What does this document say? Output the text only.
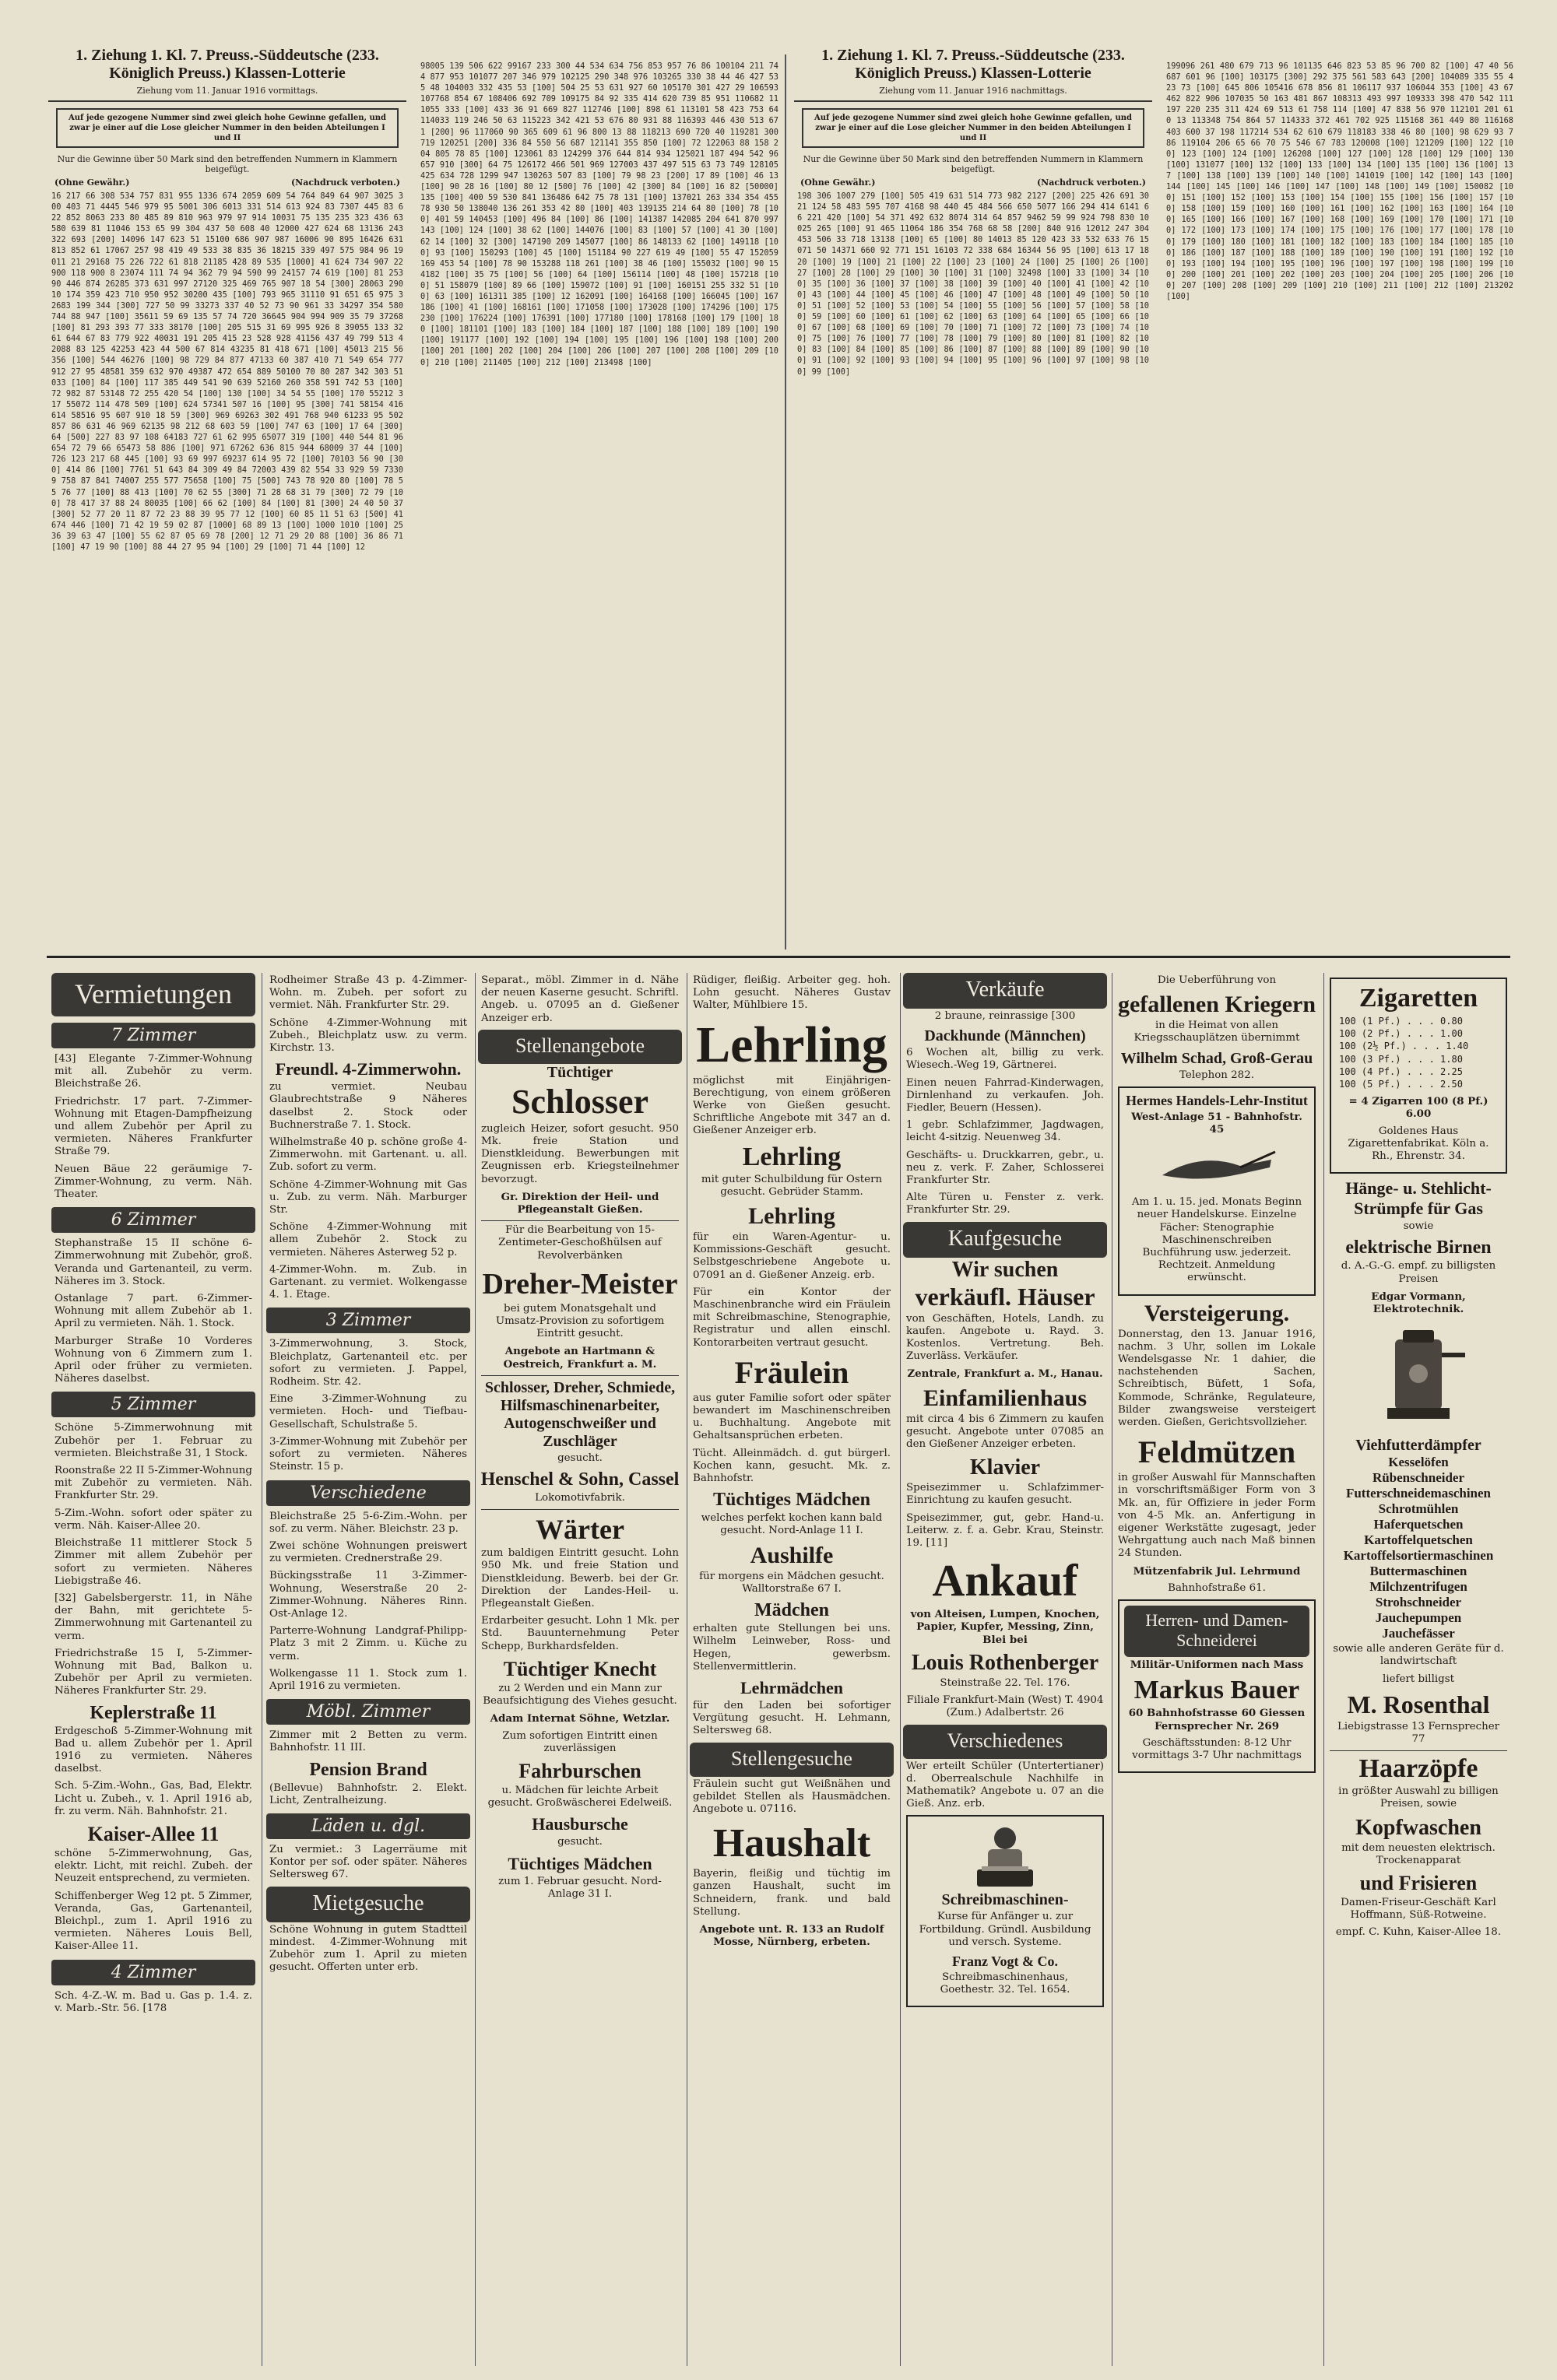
1. Ziehung 1. Kl. 7. Preuss.-Süddeutsche (233. Königlich Preuss.) Klassen-Lotterie
Ziehung vom 11. Januar 1916 vormittags.
Auf jede gezogene Nummer sind zwei gleich hohe Gewinne gefallen, und zwar je einer auf die Lose gleicher Nummer in den beiden Abteilungen I und II
Nur die Gewinne über 50 Mark sind den betreffenden Nummern in Klammern beigefügt.
(Ohne Gewähr.)	(Nachdruck verboten.)
16 217 66 308 534 757 831 955 1336 674 2059 609 54 764 849 64 907 3025 300 403 71 4445 546 979 95 5001 306 6013 331 514 613 924 83 7307 445 83 622 852 8063 233 80 485 89 810 963 979 97 914 10031 75 135 235 323 436 63 580 639 81 11046 153 65 99 304 437 50 608 40 12000 427 624 68 13136 243 322 693 [200] 14096 147 623 51 15100 686 907 987 16006 90 895 16426 631 813 852 61 17067 257 98 419 49 533 38 835 36 18215 339 497 575 984 96 19011 21 29168 75 226 722 61 818 21185 428 89 535 [1000] 41 624 734 907 22900 118 900 8 23074 111 74 94 362 79 94 590 99 24157 74 619 [100] 81 25390 446 874 26285 373 631 997 27120 325 469 765 907 18 54 [300] 28063 29010 174 359 423 710 950 952 30200 435 [100] 793 965 31110 91 651 65 975 32683 199 344 [300] 727 50 99 33273 337 40 52 73 90 961 33 34297 354 580 744 88 947 [100] 35611 59 69 135 57 74 720 36645 904 994 909 35 79 37268 [100] 81 293 393 77 333 38170 [100] 205 515 31 69 995 926 8 39055 133 32 61 644 67 83 779 922 40031 191 205 415 23 528 928 41156 437 49 799 513 42088 83 125 42253 423 44 500 67 814 43235 81 418 671 [100] 45013 215 56 356 [100] 544 46276 [100] 98 729 84 877 47133 60 387 410 71 549 654 777 912 27 95 48581 359 632 970 49387 472 654 889 50100 70 80 287 342 303 51033 [100] 84 [100] 117 385 449 541 90 639 52160 260 358 591 742 53 [100] 72 982 87 53148 72 255 420 54 [100] 130 [100] 34 54 55 [100] 170 55212 317 55072 114 478 509 [100] 624 57341 507 16 [100] 95 [300] 741 58154 416 614 58516 95 607 910 18 59 [300] 969 69263 302 491 768 940 61233 95 502 857 86 631 46 969 62135 98 212 68 603 59 [100] 747 63 [100] 17 64 [300] 64 [500] 227 83 97 108 64183 727 61 62 995 65077 319 [100] 440 544 81 96 654 72 79 66 65473 58 886 [100] 971 67262 636 815 944 68009 37 44 [100] 726 123 217 68 445 [100] 93 69 997 69237 614 95 72 [100] 70103 56 90 [300] 414 86 [100] 7761 51 643 84 309 49 84 72003 439 82 554 33 929 59 73309 758 87 841 74007 255 577 75658 [100] 75 [500] 743 78 920 80 [100] 78 55 76 77 [100] 88 413 [100] 70 62 55 [300] 71 28 68 31 79 [300] 72 79 [100] 78 417 37 88 24 80035 [100] 66 62 [100] 84 [100] 81 [300] 24 40 50 37 [300] 52 77 20 11 87 72 23 88 39 95 77 12 [100] 60 85 11 51 63 [500] 41 674 446 [100] 71 42 19 59 02 87 [1000] 68 89 13 [100] 1000 1010 [100] 25 36 39 63 47 [100] 55 62 87 05 69 78 [200] 12 71 29 20 88 [100] 36 86 71 [100] 47 19 90 [100] 88 44 27 95 94 [100] 29 [100] 71 44 [100] 12
98005 139 506 622 99167 233 300 44 534 634 756 853 957 76 86 100104 211 744 877 953 101077 207 346 979 102125 290 348 976 103265 330 38 44 46 427 535 48 104003 332 435 53 [100] 504 25 53 631 927 60 105170 301 427 29 106593 107768 854 67 108406 692 709 109175 84 92 335 414 620 739 85 951 110682 111055 333 [100] 433 36 91 669 827 112746 [100] 898 61 113101 58 423 753 64 114033 119 246 50 63 115223 342 421 53 676 80 931 88 116393 446 430 513 671 [200] 96 117060 90 365 609 61 96 800 13 88 118213 690 720 40 119281 300 719 120251 [200] 336 84 550 56 687 121141 355 850 [100] 72 122063 88 158 204 805 78 85 [100] 123061 83 124299 376 644 814 934 125021 187 494 542 96 657 910 [300] 64 75 126172 466 501 969 127003 437 497 515 63 73 749 128105 425 634 728 1299 947 130263 507 83 [100] 79 98 23 [200] 17 89 [100] 46 13 [100] 90 28 16 [100] 80 12 [500] 76 [100] 42 [300] 84 [100] 16 82 [50000] 135 [100] 400 59 530 841 136486 642 75 78 131 [100] 137021 263 334 354 455 78 930 50 138040 136 261 353 42 80 [100] 403 139135 214 64 80 [100] 78 [100] 401 59 140453 [100] 496 84 [100] 86 [100] 141387 142085 204 641 870 997 143 [100] 124 [100] 38 62 [100] 144076 [100] 83 [100] 57 [100] 41 30 [100] 62 14 [100] 32 [300] 147190 209 145077 [100] 86 148133 62 [100] 149118 [100] 93 [100] 150293 [100] 45 [100] 151184 90 227 619 49 [100] 55 47 152059 169 453 54 [100] 78 90 153288 118 261 [100] 38 46 [100] 155032 [100] 90 154182 [100] 35 75 [100] 56 [100] 64 [100] 156114 [100] 48 [100] 157218 [100] 51 158079 [100] 89 66 [100] 159072 [100] 91 [100] 160151 255 332 51 [100] 63 [100] 161311 385 [100] 12 162091 [100] 164168 [100] 166045 [100] 167186 [100] 41 [100] 168161 [100] 171058 [100] 173028 [100] 174296 [100] 175230 [100] 176224 [100] 176391 [100] 177180 [100] 178168 [100] 179 [100] 180 [100] 181101 [100] 183 [100] 184 [100] 187 [100] 188 [100] 189 [100] 190 [100] 191177 [100] 192 [100] 194 [100] 195 [100] 196 [100] 198 [100] 200 [100] 201 [100] 202 [100] 204 [100] 206 [100] 207 [100] 208 [100] 209 [100] 210 [100] 211405 [100] 212 [100] 213498 [100]
1. Ziehung 1. Kl. 7. Preuss.-Süddeutsche (233. Königlich Preuss.) Klassen-Lotterie
Ziehung vom 11. Januar 1916 nachmittags.
Auf jede gezogene Nummer sind zwei gleich hohe Gewinne gefallen, und zwar je einer auf die Lose gleicher Nummer in den beiden Abteilungen I und II
Nur die Gewinne über 50 Mark sind den betreffenden Nummern in Klammern beigefügt.
(Ohne Gewähr.)	(Nachdruck verboten.)
198 306 1007 279 [100] 505 419 631 514 773 982 2127 [200] 225 426 691 3021 124 58 483 595 707 4168 98 440 45 484 566 650 5077 166 294 414 6141 66 221 420 [100] 54 371 492 632 8074 314 64 857 9462 59 99 924 798 830 10025 265 [100] 91 465 11064 186 354 768 68 58 [200] 840 916 12012 247 304 453 506 33 718 13138 [100] 65 [100] 80 14013 85 120 423 33 532 633 76 15071 50 14371 660 92 771 151 16103 72 338 684 16344 56 95 [100] 613 17 18 20 [100] 19 [100] 21 [100] 22 [100] 23 [100] 24 [100] 25 [100] 26 [100] 27 [100] 28 [100] 29 [100] 30 [100] 31 [100] 32498 [100] 33 [100] 34 [100] 35 [100] 36 [100] 37 [100] 38 [100] 39 [100] 40 [100] 41 [100] 42 [100] 43 [100] 44 [100] 45 [100] 46 [100] 47 [100] 48 [100] 49 [100] 50 [100] 51 [100] 52 [100] 53 [100] 54 [100] 55 [100] 56 [100] 57 [100] 58 [100] 59 [100] 60 [100] 61 [100] 62 [100] 63 [100] 64 [100] 65 [100] 66 [100] 67 [100] 68 [100] 69 [100] 70 [100] 71 [100] 72 [100] 73 [100] 74 [100] 75 [100] 76 [100] 77 [100] 78 [100] 79 [100] 80 [100] 81 [100] 82 [100] 83 [100] 84 [100] 85 [100] 86 [100] 87 [100] 88 [100] 89 [100] 90 [100] 91 [100] 92 [100] 93 [100] 94 [100] 95 [100] 96 [100] 97 [100] 98 [100] 99 [100]
199096 261 480 679 713 96 101135 646 823 53 85 96 700 82 [100] 47 40 56 687 601 96 [100] 103175 [300] 292 375 561 583 643 [200] 104089 335 55 423 73 [100] 645 806 105416 678 856 81 106117 937 106044 353 [100] 43 67 462 822 906 107035 50 163 481 867 108313 493 997 109333 398 470 542 111197 220 235 311 424 69 513 61 758 114 [100] 47 838 56 970 112101 201 610 13 113348 754 864 57 114333 372 461 702 925 115168 361 449 80 116168 403 600 37 198 117214 534 62 610 679 118183 338 46 80 [100] 98 629 93 786 119104 206 65 66 70 75 546 67 783 120008 [100] 121209 [100] 122 [100] 123 [100] 124 [100] 126208 [100] 127 [100] 128 [100] 129 [100] 130 [100] 131077 [100] 132 [100] 133 [100] 134 [100] 135 [100] 136 [100] 137 [100] 138 [100] 139 [100] 140 [100] 141019 [100] 142 [100] 143 [100] 144 [100] 145 [100] 146 [100] 147 [100] 148 [100] 149 [100] 150082 [100] 151 [100] 152 [100] 153 [100] 154 [100] 155 [100] 156 [100] 157 [100] 158 [100] 159 [100] 160 [100] 161 [100] 162 [100] 163 [100] 164 [100] 165 [100] 166 [100] 167 [100] 168 [100] 169 [100] 170 [100] 171 [100] 172 [100] 173 [100] 174 [100] 175 [100] 176 [100] 177 [100] 178 [100] 179 [100] 180 [100] 181 [100] 182 [100] 183 [100] 184 [100] 185 [100] 186 [100] 187 [100] 188 [100] 189 [100] 190 [100] 191 [100] 192 [100] 193 [100] 194 [100] 195 [100] 196 [100] 197 [100] 198 [100] 199 [100] 200 [100] 201 [100] 202 [100] 203 [100] 204 [100] 205 [100] 206 [100] 207 [100] 208 [100] 209 [100] 210 [100] 211 [100] 212 [100] 213202 [100]
Vermietungen
7 Zimmer
[43] Elegante 7-Zimmer-Wohnung mit all. Zubehör zu verm. Bleichstraße 26.
Friedrichstr. 17 part. 7-Zimmer-Wohnung mit Etagen-Dampfheizung und allem Zubehör per April zu vermieten. Näheres Frankfurter Straße 79.
Neuen Bäue 22 geräumige 7-Zimmer-Wohnung, zu verm. Näh. Theater.
6 Zimmer
Stephanstraße 15 II schöne 6-Zimmerwohnung mit Zubehör, groß. Veranda und Gartenanteil, zu verm. Näheres im 3. Stock.
Ostanlage 7 part. 6-Zimmer-Wohnung mit allem Zubehör ab 1. April zu vermieten. Näh. 1. Stock.
Marburger Straße 10 Vorderes Wohnung von 6 Zimmern zum 1. April oder früher zu vermieten. Näheres daselbst.
5 Zimmer
Schöne 5-Zimmerwohnung mit Zubehör per 1. Februar zu vermieten. Bleichstraße 31, 1 Stock.
Roonstraße 22 II 5-Zimmer-Wohnung mit Zubehör zu vermieten. Näh. Frankfurter Str. 29.
5-Zim.-Wohn. sofort oder später zu verm. Näh. Kaiser-Allee 20.
Bleichstraße 11 mittlerer Stock 5 Zimmer mit allem Zubehör per sofort zu vermieten. Näheres Liebigstraße 46.
[32] Gabelsbergerstr. 11, in Nähe der Bahn, mit gerichtete 5-Zimmerwohnung mit Gartenanteil zu verm.
Friedrichstraße 15 I, 5-Zimmer-Wohnung mit Bad, Balkon u. Zubehör per April zu vermieten. Näheres Frankfurter Str. 29.
Keplerstraße 11
Erdgeschoß 5-Zimmer-Wohnung mit Bad u. allem Zubehör per 1. April 1916 zu vermieten. Näheres daselbst.
Sch. 5-Zim.-Wohn., Gas, Bad, Elektr. Licht u. Zubeh., v. 1. April 1916 ab, fr. zu verm. Näh. Bahnhofstr. 21.
Kaiser-Allee 11
schöne 5-Zimmerwohnung, Gas, elektr. Licht, mit reichl. Zubeh. der Neuzeit entsprechend, zu vermieten.
Schiffenberger Weg 12 pt. 5 Zimmer, Veranda, Gas, Gartenanteil, Bleichpl., zum 1. April 1916 zu vermieten. Näheres Louis Bell, Kaiser-Allee 11.
4 Zimmer
Sch. 4-Z.-W. m. Bad u. Gas p. 1.4. z. v. Marb.-Str. 56. [178
Rodheimer Straße 43 p. 4-Zimmer-Wohn. m. Zubeh. per sofort zu vermiet. Näh. Frankfurter Str. 29.
Schöne 4-Zimmer-Wohnung mit Zubeh., Bleichplatz usw. zu verm. Kirchstr. 13.
Freundl. 4-Zimmerwohn.
zu vermiet. Neubau Glaubrechtstraße 9 Näheres daselbst 2. Stock oder Buchnerstraße 7. 1. Stock.
Wilhelmstraße 40 p. schöne große 4-Zimmerwohn. mit Gartenant. u. all. Zub. sofort zu verm.
Schöne 4-Zimmer-Wohnung mit Gas u. Zub. zu verm. Näh. Marburger Str.
Schöne 4-Zimmer-Wohnung mit allem Zubehör 2. Stock zu vermieten. Näheres Asterweg 52 p.
4-Zimmer-Wohn. m. Zub. in Gartenant. zu vermiet. Wolkengasse 4. 1. Etage.
3 Zimmer
3-Zimmerwohnung, 3. Stock, Bleichplatz, Gartenanteil etc. per sofort zu vermieten. J. Pappel, Rodheim. Str. 42.
Eine 3-Zimmer-Wohnung zu vermieten. Hoch- und Tiefbau-Gesellschaft, Schulstraße 5.
3-Zimmer-Wohnung mit Zubehör per sofort zu vermieten. Näheres Steinstr. 15 p.
Verschiedene
Bleichstraße 25 5-6-Zim.-Wohn. per sof. zu verm. Näher. Bleichstr. 23 p.
Zwei schöne Wohnungen preiswert zu vermieten. Crednerstraße 29.
Bückingsstraße 11 3-Zimmer-Wohnung, Weserstraße 20 2-Zimmer-Wohnung. Näheres Rinn. Ost-Anlage 12.
Parterre-Wohnung Landgraf-Philipp-Platz 3 mit 2 Zimm. u. Küche zu verm.
Wolkengasse 11 1. Stock zum 1. April 1916 zu vermieten.
Möbl. Zimmer
Zimmer mit 2 Betten zu verm. Bahnhofstr. 11 III.
Pension Brand
(Bellevue) Bahnhofstr. 2. Elekt. Licht, Zentralheizung.
Läden u. dgl.
Zu vermiet.: 3 Lagerräume mit Kontor per sof. oder später. Näheres Seltersweg 67.
Mietgesuche
Schöne Wohnung in gutem Stadtteil mindest. 4-Zimmer-Wohnung mit Zubehör zum 1. April zu mieten gesucht. Offerten unter erb.
Separat., möbl. Zimmer in d. Nähe der neuen Kaserne gesucht. Schriftl. Angeb. u. 07095 an d. Gießener Anzeiger erb.
Stellenangebote
Tüchtiger
Schlosser
zugleich Heizer, sofort gesucht. 950 Mk. freie Station und Dienstkleidung. Bewerbungen mit Zeugnissen erb. Kriegsteilnehmer bevorzugt.
Gr. Direktion der Heil- und Pflegeanstalt Gießen.
Für die Bearbeitung von 15-Zentimeter-Geschoßhülsen auf Revolverbänken
Dreher-Meister
bei gutem Monatsgehalt und Umsatz-Provision zu sofortigem Eintritt gesucht.
Angebote an Hartmann & Oestreich, Frankfurt a. M.
Schlosser, Dreher, Schmiede, Hilfsmaschinenarbeiter, Autogenschweißer und Zuschläger
gesucht.
Henschel & Sohn, Cassel
Lokomotivfabrik.
Wärter
zum baldigen Eintritt gesucht. Lohn 950 Mk. und freie Station und Dienstkleidung. Bewerb. bei der Gr. Direktion der Landes-Heil- u. Pflegeanstalt Gießen.
Erdarbeiter gesucht. Lohn 1 Mk. per Std. Bauunternehmung Peter Schepp, Burkhardsfelden.
Tüchtiger Knecht
zu 2 Werden und ein Mann zur Beaufsichtigung des Viehes gesucht.
Adam Internat Söhne, Wetzlar.
Zum sofortigen Eintritt einen zuverlässigen
Fahrburschen
u. Mädchen für leichte Arbeit gesucht. Großwäscherei Edelweiß.
Hausbursche
gesucht.
Tüchtiges Mädchen
zum 1. Februar gesucht. Nord-Anlage 31 I.
Rüdiger, fleißig. Arbeiter geg. hoh. Lohn gesucht. Näheres Gustav Walter, Mühlbiere 15.
Lehrling
möglichst mit Einjährigen-Berechtigung, von einem größeren Werke von Gießen gesucht. Schriftliche Angebote mit 347 an d. Gießener Anzeiger erb.
Lehrling
mit guter Schulbildung für Ostern gesucht. Gebrüder Stamm.
Lehrling
für ein Waren-Agentur- u. Kommissions-Geschäft gesucht. Selbstgeschriebene Angebote u. 07091 an d. Gießener Anzeig. erb.
Für ein Kontor der Maschinenbranche wird ein Fräulein mit Schreibmaschine, Stenographie, Registratur und allen einschl. Kontorarbeiten vertraut gesucht.
Fräulein
aus guter Familie sofort oder später bewandert im Maschinenschreiben u. Buchhaltung. Angebote mit Gehaltsansprüchen erbeten.
Tücht. Alleinmädch. d. gut bürgerl. Kochen kann, gesucht. Mk. z. Bahnhofstr.
Tüchtiges Mädchen
welches perfekt kochen kann bald gesucht. Nord-Anlage 11 I.
Aushilfe
für morgens ein Mädchen gesucht. Walltorstraße 67 I.
Mädchen
erhalten gute Stellungen bei uns. Wilhelm Leinweber, Ross- und Hegen, gewerbsm. Stellenvermittlerin.
Lehrmädchen
für den Laden bei sofortiger Vergütung gesucht. H. Lehmann, Seltersweg 68.
Stellengesuche
Fräulein sucht gut Weißnähen und gebildet Stellen als Hausmädchen. Angebote u. 07116.
Haushalt
Bayerin, fleißig und tüchtig im ganzen Haushalt, sucht im Schneidern, frank. und bald Stellung.
Angebote unt. R. 133 an Rudolf Mosse, Nürnberg, erbeten.
Verkäufe
2 braune, reinrassige [300
Dackhunde (Männchen)
6 Wochen alt, billig zu verk. Wiesech.-Weg 19, Gärtnerei.
Einen neuen Fahrrad-Kinderwagen, Dirnlenhand zu verkaufen. Joh. Fiedler, Beuern (Hessen).
1 gebr. Schlafzimmer, Jagdwagen, leicht 4-sitzig. Neuenweg 34.
Geschäfts- u. Druckkarren, gebr., u. neu z. verk. F. Zaher, Schlosserei Frankfurter Str.
Alte Türen u. Fenster z. verk. Frankfurter Str. 29.
Kaufgesuche
Wir suchen
verkäufl. Häuser
von Geschäften, Hotels, Landh. zu kaufen. Angebote u. Rayd. 3. Kostenlos. Vertretung. Beh. Zuverläss. Verkäufer.
Zentrale, Frankfurt a. M., Hanau.
Einfamilienhaus
mit circa 4 bis 6 Zimmern zu kaufen gesucht. Angebote unter 07085 an den Gießener Anzeiger erbeten.
Klavier
Speisezimmer u. Schlafzimmer-Einrichtung zu kaufen gesucht.
Speisezimmer, gut, gebr. Hand-u. Leiterw. z. f. a. Gebr. Krau, Steinstr. 19. [11]
Ankauf
von Alteisen, Lumpen, Knochen, Papier, Kupfer, Messing, Zinn, Blei bei
Louis Rothenberger
Steinstraße 22. Tel. 176.
Filiale Frankfurt-Main (West) T. 4904 (Zum.) Adalbertstr. 26
Verschiedenes
Wer erteilt Schüler (Untertertianer) d. Oberrealschule Nachhilfe in Mathematik? Angebote u. 07 an die Gieß. Anz. erb.
Schreibmaschinen-
Kurse für Anfänger u. zur Fortbildung. Gründl. Ausbildung und versch. Systeme.
Franz Vogt & Co.
Schreibmaschinenhaus, Goethestr. 32. Tel. 1654.
Die Ueberführung von
gefallenen Kriegern
in die Heimat von allen Kriegsschauplätzen übernimmt
Wilhelm Schad, Groß-Gerau
Telephon 282.
Hermes Handels-Lehr-Institut
West-Anlage 51 - Bahnhofstr. 45
Am 1. u. 15. jed. Monats Beginn neuer Handelskurse. Einzelne Fächer: Stenographie Maschinenschreiben Buchführung usw. jederzeit. Rechtzeit. Anmeldung erwünscht.
Versteigerung.
Donnerstag, den 13. Januar 1916, nachm. 3 Uhr, sollen im Lokale Wendelsgasse Nr. 1 dahier, die nachstehenden Sachen, Schreibtisch, Büfett, 1 Sofa, Kommode, Schränke, Regulateure, Bilder zwangsweise versteigert werden. Gießen, Gerichtsvollzieher.
Feldmützen
in großer Auswahl für Mannschaften in vorschriftsmäßiger Form von 3 Mk. an, für Offiziere in jeder Form von 4-5 Mk. an. Anfertigung in eigener Werkstätte zugesagt, jeder Wehrgattung auch nach Maß binnen 24 Stunden.
Mützenfabrik Jul. Lehrmund
Bahnhofstraße 61.
Herren- und Damen-Schneiderei
Militär-Uniformen nach Mass
Markus Bauer
60 Bahnhofstrasse 60 Giessen Fernsprecher Nr. 269
Geschäftsstunden: 8-12 Uhr vormittags 3-7 Uhr nachmittags
Zigaretten
100 (1 Pf.) . . . 0.80
100 (2 Pf.) . . . 1.00
100 (2½ Pf.) . . . 1.40
100 (3 Pf.) . . . 1.80
100 (4 Pf.) . . . 2.25
100 (5 Pf.) . . . 2.50
= 4 Zigarren 100 (8 Pf.) 6.00
Goldenes Haus Zigarettenfabrikat. Köln a. Rh., Ehrenstr. 34.
Hänge- u. Stehlicht-Strümpfe für Gas
sowie
elektrische Birnen
d. A.-G.-G. empf. zu billigsten Preisen
Edgar Vormann, Elektrotechnik.
Viehfutterdämpfer
Kesselöfen
Rübenschneider
Futterschneidemaschinen
Schrotmühlen
Haferquetschen
Kartoffelquetschen
Kartoffelsortiermaschinen
Buttermaschinen
Milchzentrifugen
Strohschneider
Jauchepumpen
Jauchefässer
sowie alle anderen Geräte für d. landwirtschaft
liefert billigst
M. Rosenthal
Liebigstrasse 13 Fernsprecher 77
Haarzöpfe
in größter Auswahl zu billigen Preisen, sowie
Kopfwaschen
mit dem neuesten elektrisch. Trockenapparat
und Frisieren
Damen-Friseur-Geschäft Karl Hoffmann, Süß-Rotweine.
empf. C. Kuhn, Kaiser-Allee 18.
